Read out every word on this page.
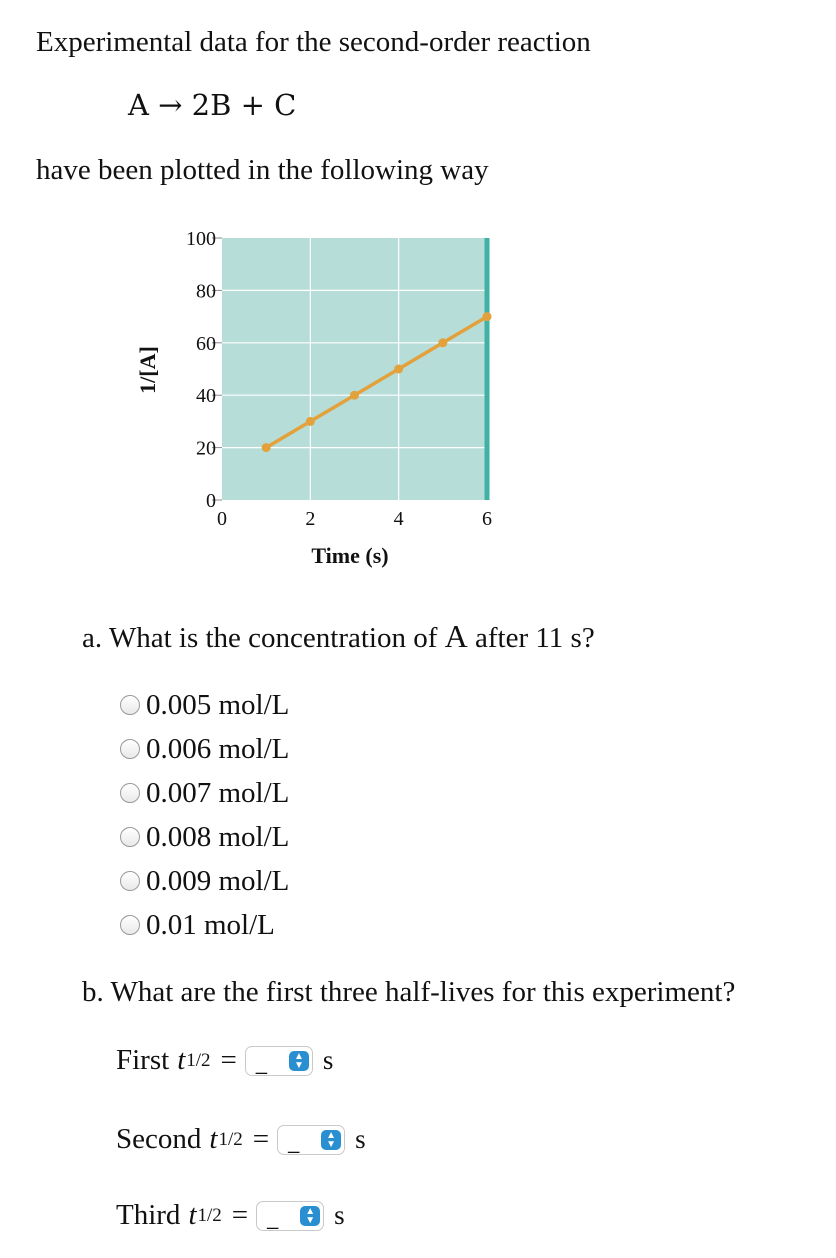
Experimental data for the second-order reaction
A → 2B + C
have been plotted in the following way
0
20
40
60
80
100
0	2	4	6
1/[A]
Time (s)
a. What is the concentration of A after 11 s?
0.005 mol/L
0.006 mol/L
0.007 mol/L
0.008 mol/L
0.009 mol/L
0.01 mol/L
b. What are the first three half-lives for this experiment?
First t 1/2 = _	▲
▼ s
Second t 1/2 = _	▲
▼ s
Third t 1/2 = _	▲
▼ s
